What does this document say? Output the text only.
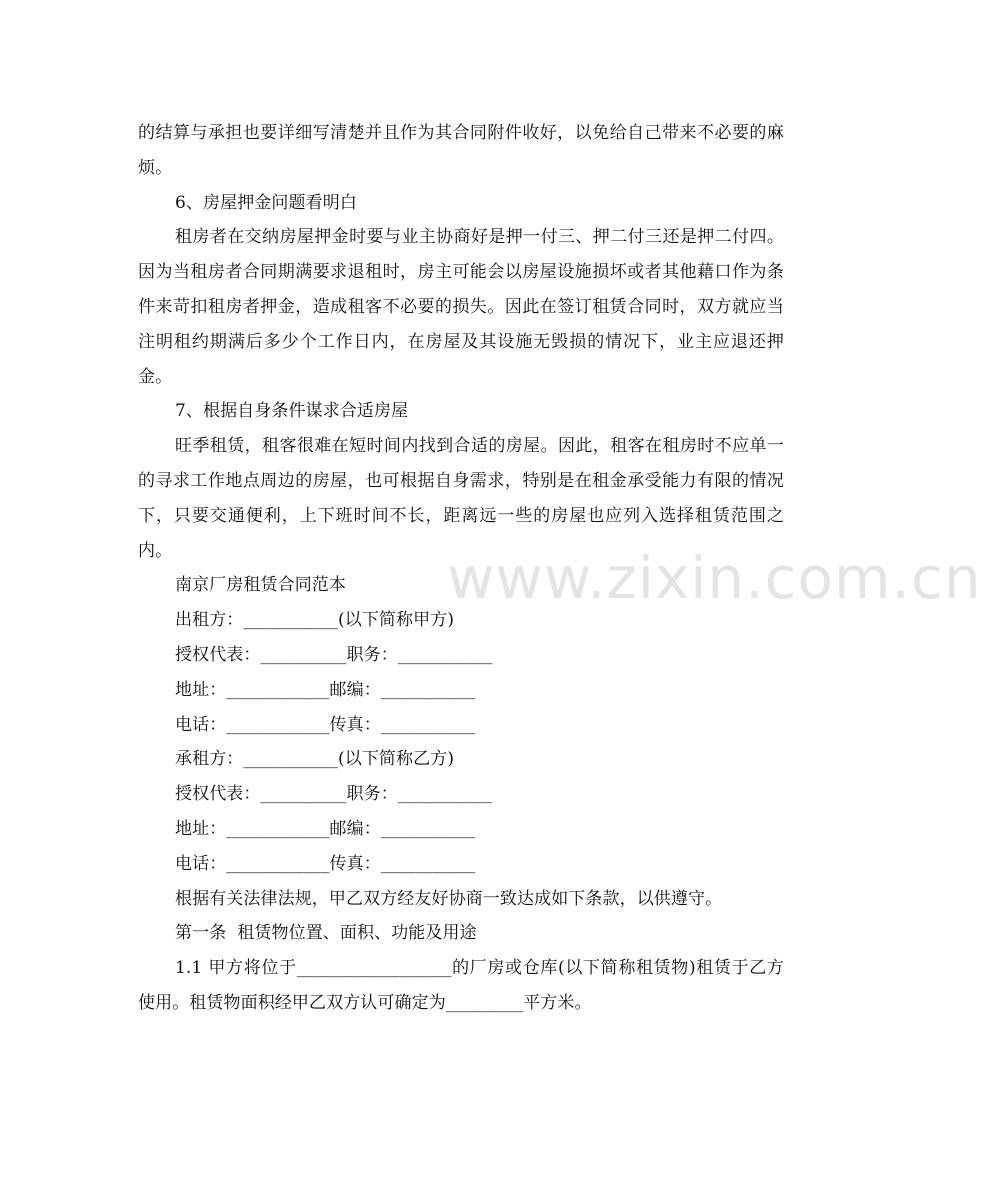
www.zixin.com.cn

的结算与承担也要详细写清楚并且作为其合同附件收好，以免给自己带来不必要的麻烦。

6、房屋押金问题看明白

租房者在交纳房屋押金时要与业主协商好是押一付三、押二付三还是押二付四。因为当租房者合同期满要求退租时，房主可能会以房屋设施损坏或者其他藉口作为条件来苛扣租房者押金，造成租客不必要的损失。因此在签订租赁合同时，双方就应当注明租约期满后多少个工作日内，在房屋及其设施无毁损的情况下，业主应退还押金。

7、根据自身条件谋求合适房屋

旺季租赁，租客很难在短时间内找到合适的房屋。因此，租客在租房时不应单一的寻求工作地点周边的房屋，也可根据自身需求，特别是在租金承受能力有限的情况下，只要交通便利，上下班时间不长，距离远一些的房屋也应列入选择租赁范围之内。

南京厂房租赁合同范本

出租方：___________(以下简称甲方)

授权代表：__________职务：___________

地址：____________邮编：___________

电话：____________传真：___________

承租方：___________(以下简称乙方)

授权代表：__________职务：___________

地址：____________邮编：___________

电话：____________传真：___________

根据有关法律法规，甲乙双方经友好协商一致达成如下条款，以供遵守。

第一条  租赁物位置、面积、功能及用途

1.1 甲方将位于__________________的厂房或仓库(以下简称租赁物)租赁于乙方使用。租赁物面积经甲乙双方认可确定为_________平方米。
